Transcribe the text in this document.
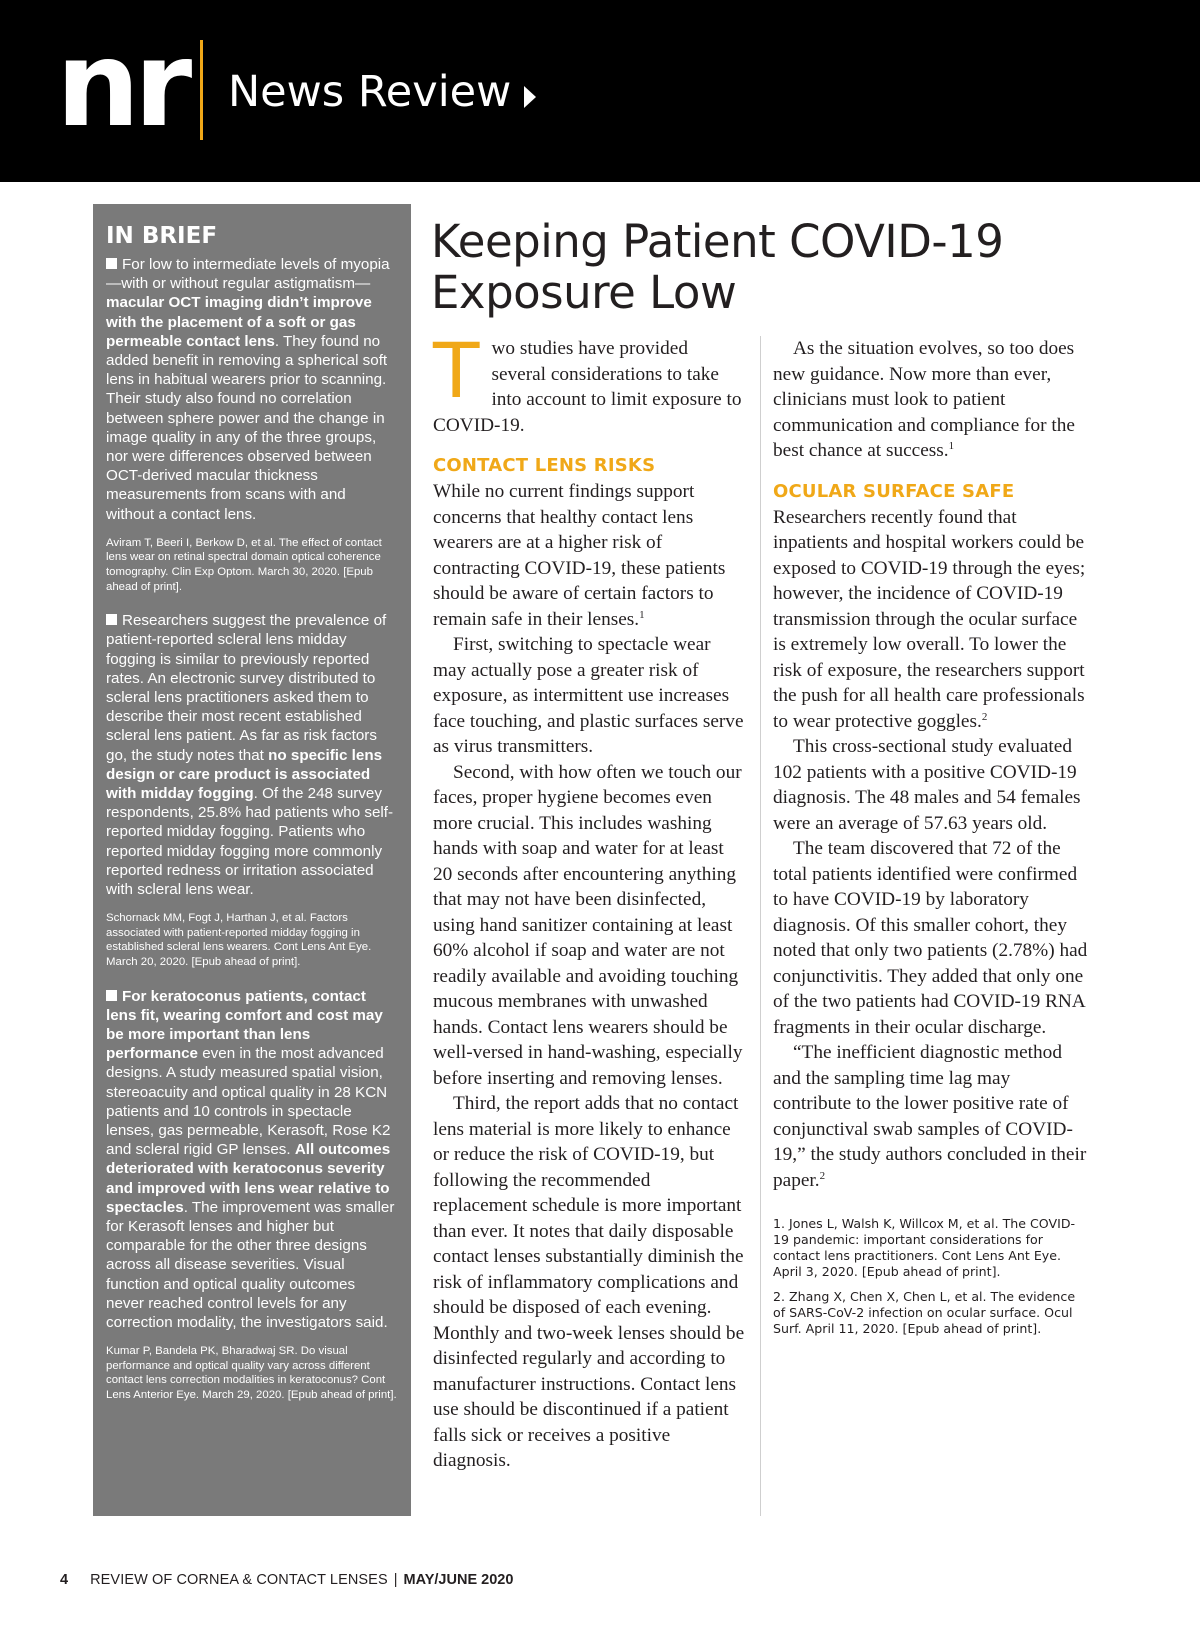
nr News Review
IN BRIEF
For low to intermediate levels of myopia—with or without regular astigmatism—macular OCT imaging didn’t improve with the placement of a soft or gas permeable contact lens. They found no added benefit in removing a spherical soft lens in habitual wearers prior to scanning. Their study also found no correlation between sphere power and the change in image quality in any of the three groups, nor were differences observed between OCT-derived macular thickness measurements from scans with and without a contact lens.
Aviram T, Beeri I, Berkow D, et al. The effect of contact lens wear on retinal spectral domain optical coherence tomography. Clin Exp Optom. March 30, 2020. [Epub ahead of print].
Researchers suggest the prevalence of patient-reported scleral lens midday fogging is similar to previously reported rates. An electronic survey distributed to scleral lens practitioners asked them to describe their most recent established scleral lens patient. As far as risk factors go, the study notes that no specific lens design or care product is associated with midday fogging. Of the 248 survey respondents, 25.8% had patients who self-reported midday fogging. Patients who reported midday fogging more commonly reported redness or irritation associated with scleral lens wear.
Schornack MM, Fogt J, Harthan J, et al. Factors associated with patient-reported midday fogging in established scleral lens wearers. Cont Lens Ant Eye. March 20, 2020. [Epub ahead of print].
For keratoconus patients, contact lens fit, wearing comfort and cost may be more important than lens performance even in the most advanced designs. A study measured spatial vision, stereoacuity and optical quality in 28 KCN patients and 10 controls in spectacle lenses, gas permeable, Kerasoft, Rose K2 and scleral rigid GP lenses. All outcomes deteriorated with keratoconus severity and improved with lens wear relative to spectacles. The improvement was smaller for Kerasoft lenses and higher but comparable for the other three designs across all disease severities. Visual function and optical quality outcomes never reached control levels for any correction modality, the investigators said.
Kumar P, Bandela PK, Bharadwaj SR. Do visual performance and optical quality vary across different contact lens correction modalities in keratoconus? Cont Lens Anterior Eye. March 29, 2020. [Epub ahead of print].
Keeping Patient COVID-19 Exposure Low

Two studies have provided several considerations to take into account to limit exposure to COVID-19.

CONTACT LENS RISKS

While no current findings support concerns that healthy contact lens wearers are at a higher risk of contracting COVID-19, these patients should be aware of certain factors to remain safe in their lenses.$^1$

First, switching to spectacle wear may actually pose a greater risk of exposure, as intermittent use increases face touching, and plastic surfaces serve as virus transmitters.

Second, with how often we touch our faces, proper hygiene becomes even more crucial. This includes washing hands with soap and water for at least 20 seconds after encountering anything that may not have been disinfected, using hand sanitizer containing at least 60% alcohol if soap and water are not readily available and avoiding touching mucous membranes with unwashed hands. Contact lens wearers should be well-versed in hand-washing, especially before inserting and removing lenses.

Third, the report adds that no contact lens material is more likely to enhance or reduce the risk of COVID-19, but following the recommended replacement schedule is more important than ever. It notes that daily disposable contact lenses substantially diminish the risk of inflammatory complications and should be disposed of each evening. Monthly and two-week lenses should be disinfected regularly and according to manufacturer instructions. Contact lens use should be discontinued if a patient falls sick or receives a positive diagnosis.

As the situation evolves, so too does new guidance. Now more than ever, clinicians must look to patient communication and compliance for the best chance at success.$^1$

OCULAR SURFACE SAFE

Researchers recently found that inpatients and hospital workers could be exposed to COVID-19 through the eyes; however, the incidence of COVID-19 transmission through the ocular surface is extremely low overall. To lower the risk of exposure, the researchers support the push for all health care professionals to wear protective goggles.$^2$

This cross-sectional study evaluated 102 patients with a positive COVID-19 diagnosis. The 48 males and 54 females were an average of 57.63 years old.

The team discovered that 72 of the total patients identified were confirmed to have COVID-19 by laboratory diagnosis. Of this smaller cohort, they noted that only two patients (2.78%) had conjunctivitis. They added that only one of the two patients had COVID-19 RNA fragments in their ocular discharge.

“The inefficient diagnostic method and the sampling time lag may contribute to the lower positive rate of conjunctival swab samples of COVID-19,” the study authors concluded in their paper.$^2$

1. Jones L, Walsh K, Willcox M, et al. The COVID-19 pandemic: important considerations for contact lens practitioners. Cont Lens Ant Eye. April 3, 2020. [Epub ahead of print].

2. Zhang X, Chen X, Chen L, et al. The evidence of SARS-CoV-2 infection on ocular surface. Ocul Surf. April 11, 2020. [Epub ahead of print].

4 REVIEW OF CORNEA & CONTACT LENSES | MAY/JUNE 2020
